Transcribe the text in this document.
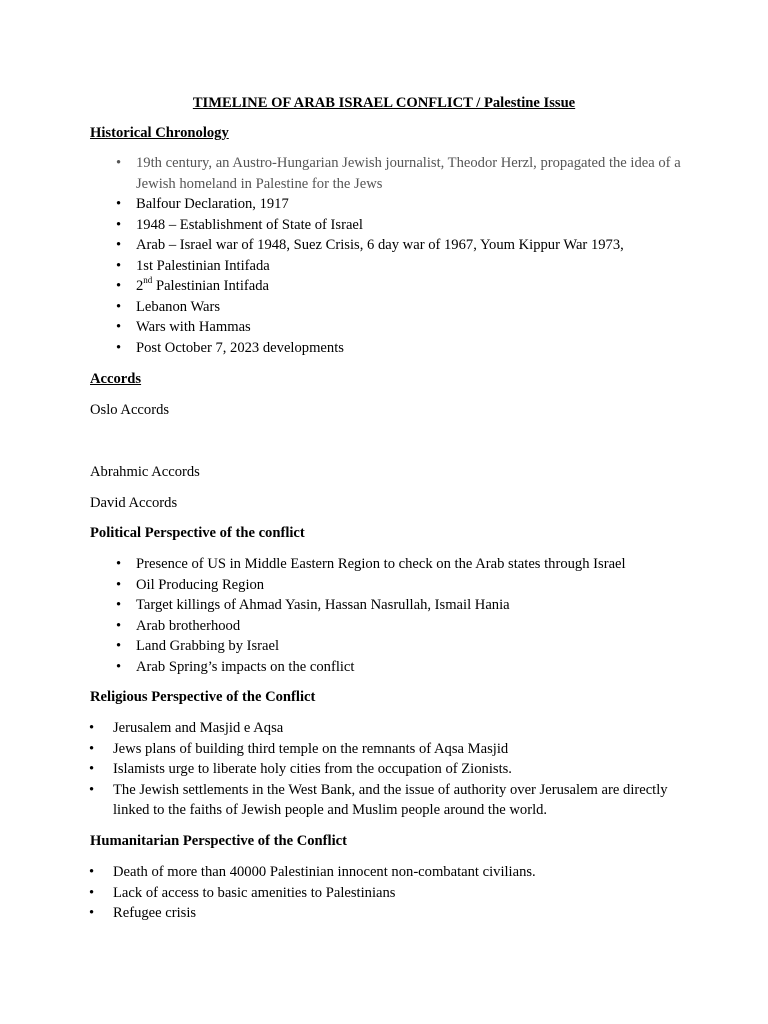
TIMELINE OF ARAB ISRAEL CONFLICT / Palestine Issue
Historical Chronology
• 19th century, an Austro-Hungarian Jewish journalist, Theodor Herzl, propagated the idea of a Jewish homeland in Palestine for the Jews
• Balfour Declaration, 1917
• 1948 – Establishment of State of Israel
• Arab – Israel war of 1948, Suez Crisis, 6 day war of 1967, Youm Kippur War 1973,
• 1st Palestinian Intifada
• 2nd Palestinian Intifada
• Lebanon Wars
• Wars with Hammas
• Post October 7, 2023 developments
Accords
Oslo Accords
Abrahmic Accords
David Accords
Political Perspective of the conflict
• Presence of US in Middle Eastern Region to check on the Arab states through Israel
• Oil Producing Region
• Target killings of Ahmad Yasin, Hassan Nasrullah, Ismail Hania
• Arab brotherhood
• Land Grabbing by Israel
• Arab Spring’s impacts on the conflict
Religious Perspective of the Conflict
• Jerusalem and Masjid e Aqsa
• Jews plans of building third temple on the remnants of Aqsa Masjid
• Islamists urge to liberate holy cities from the occupation of Zionists.
• The Jewish settlements in the West Bank, and the issue of authority over Jerusalem are directly linked to the faiths of Jewish people and Muslim people around the world.
Humanitarian Perspective of the Conflict
• Death of more than 40000 Palestinian innocent non-combatant civilians.
• Lack of access to basic amenities to Palestinians
• Refugee crisis
